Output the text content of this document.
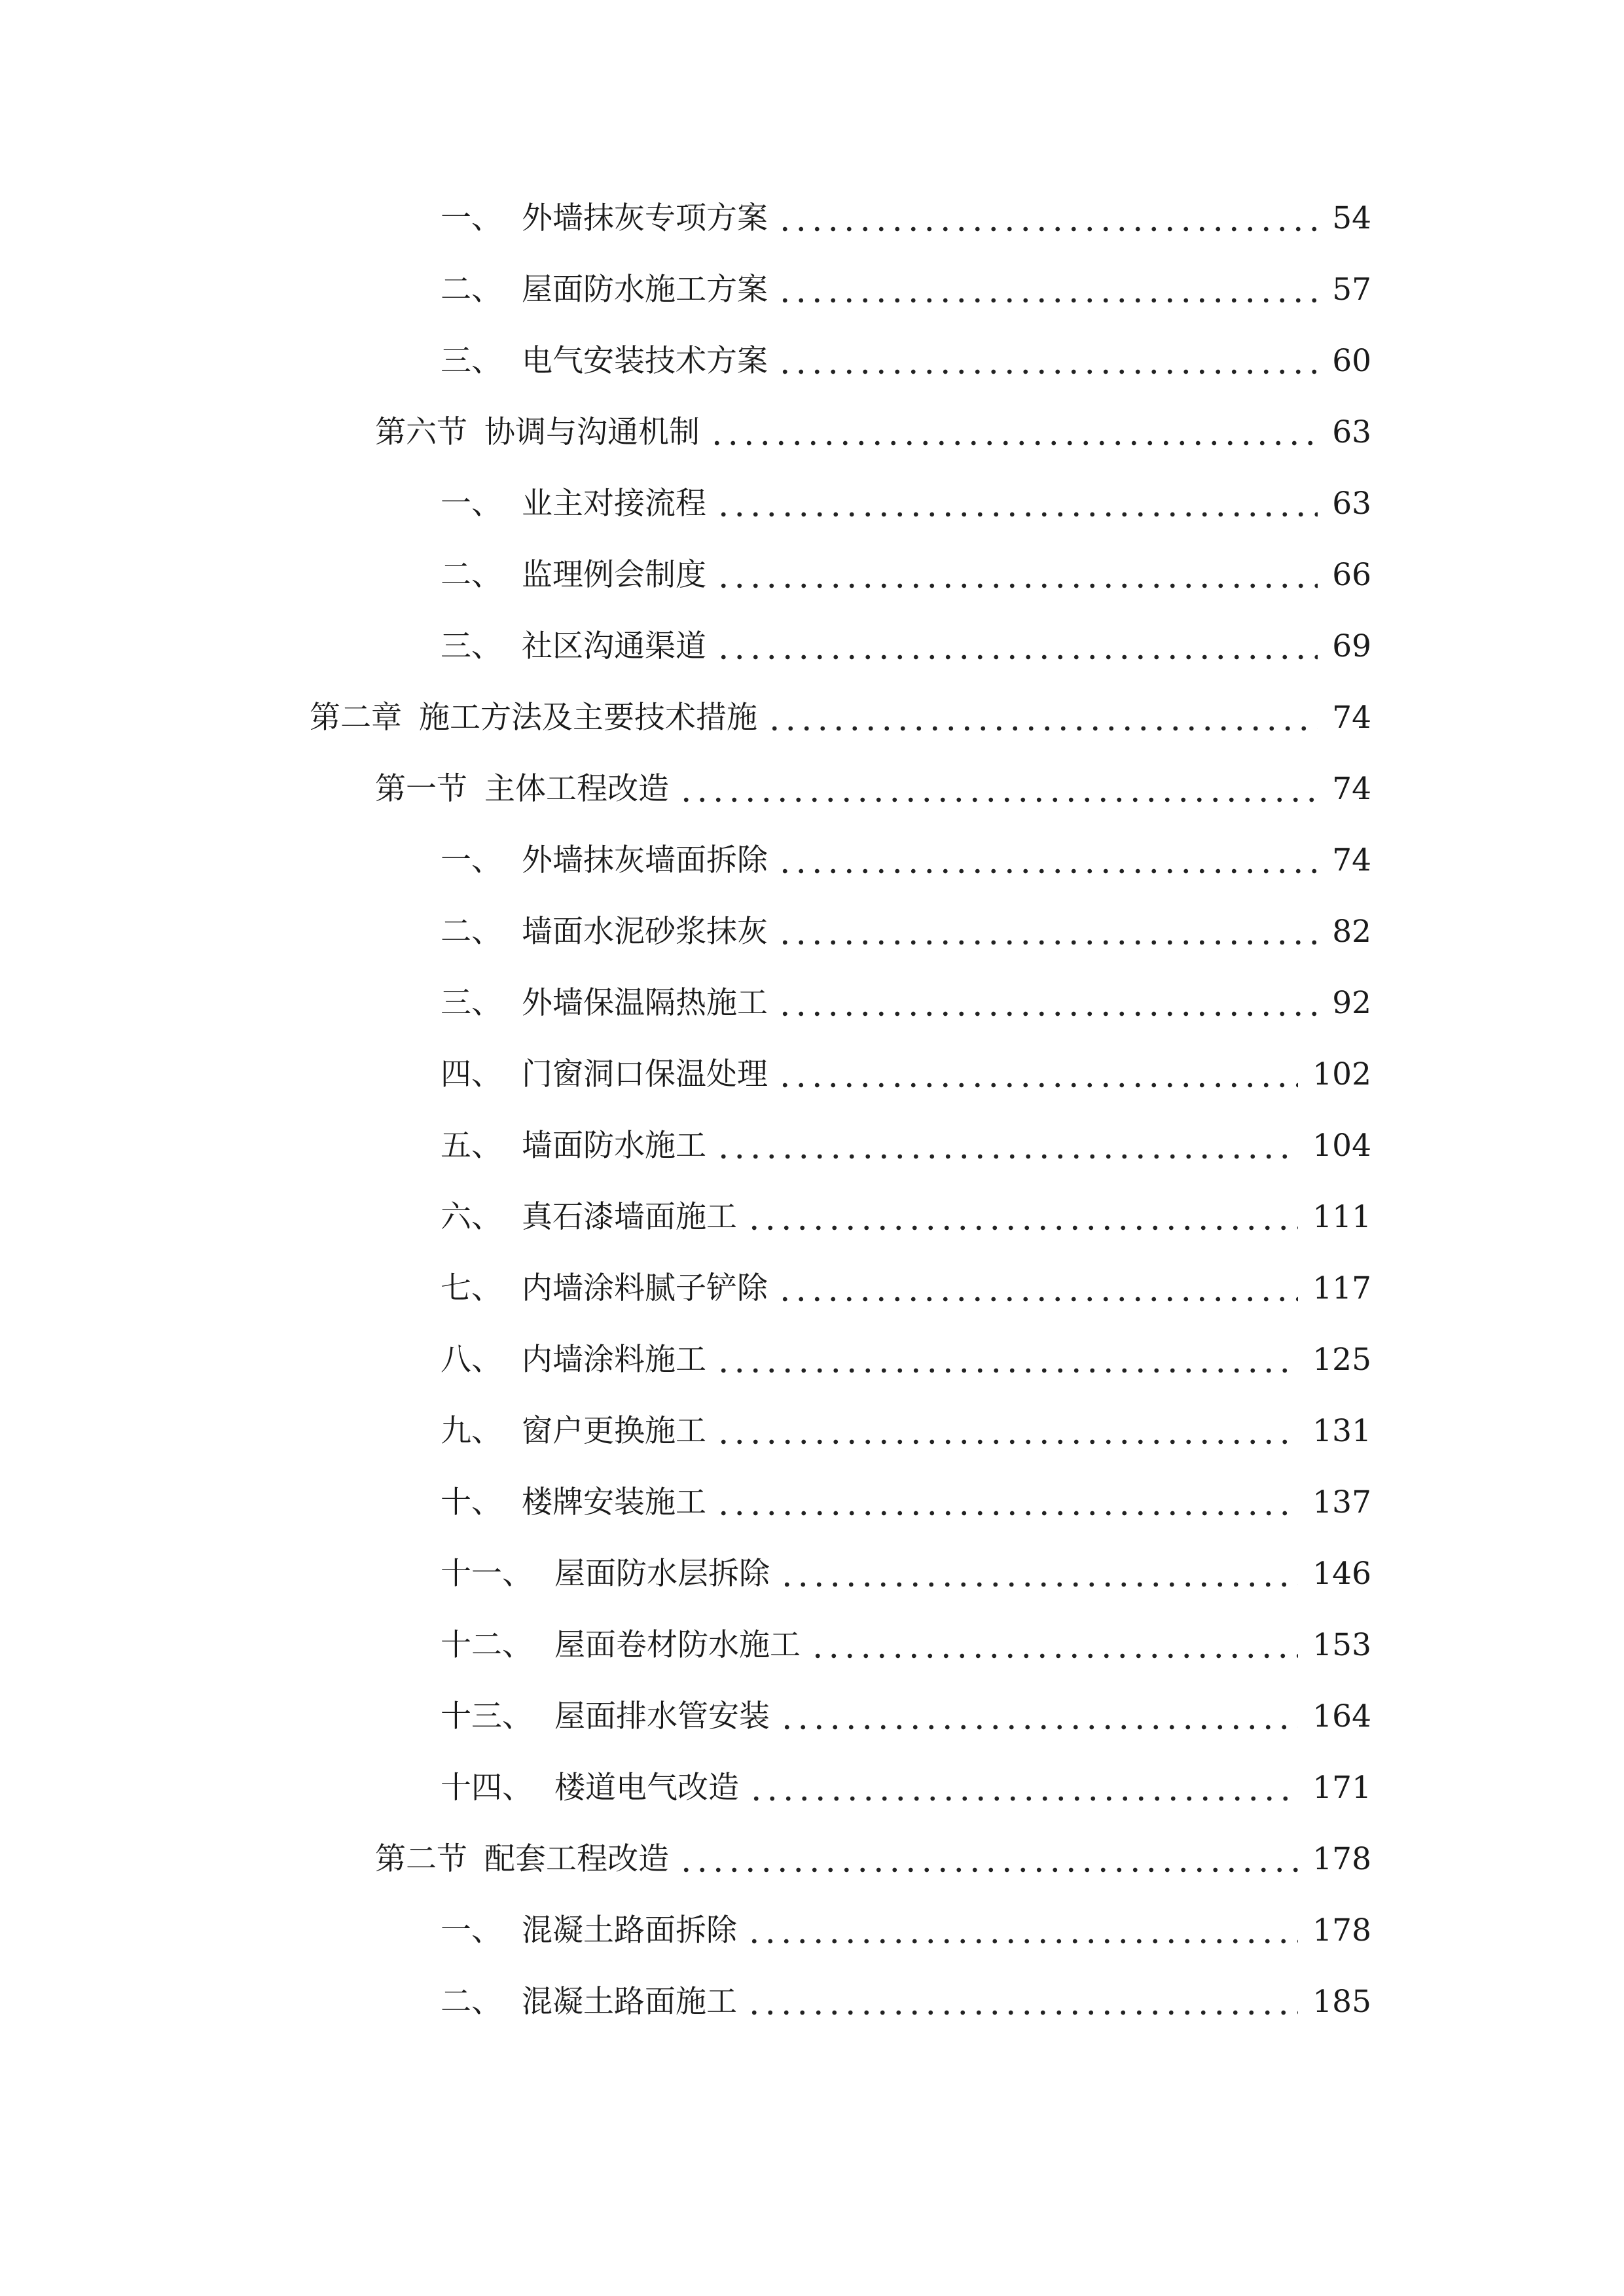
一、 外墙抹灰专项方案	54
二、 屋面防水施工方案	57
三、 电气安装技术方案	60
第六节 协调与沟通机制	63
一、 业主对接流程	63
二、 监理例会制度	66
三、 社区沟通渠道	69
第二章 施工方法及主要技术措施	74
第一节 主体工程改造	74
一、 外墙抹灰墙面拆除	74
二、 墙面水泥砂浆抹灰	82
三、 外墙保温隔热施工	92
四、 门窗洞口保温处理	102
五、 墙面防水施工	104
六、 真石漆墙面施工	111
七、 内墙涂料腻子铲除	117
八、 内墙涂料施工	125
九、 窗户更换施工	131
十、 楼牌安装施工	137
十一、 屋面防水层拆除	146
十二、 屋面卷材防水施工	153
十三、 屋面排水管安装	164
十四、 楼道电气改造	171
第二节 配套工程改造	178
一、 混凝土路面拆除	178
二、 混凝土路面施工	185
